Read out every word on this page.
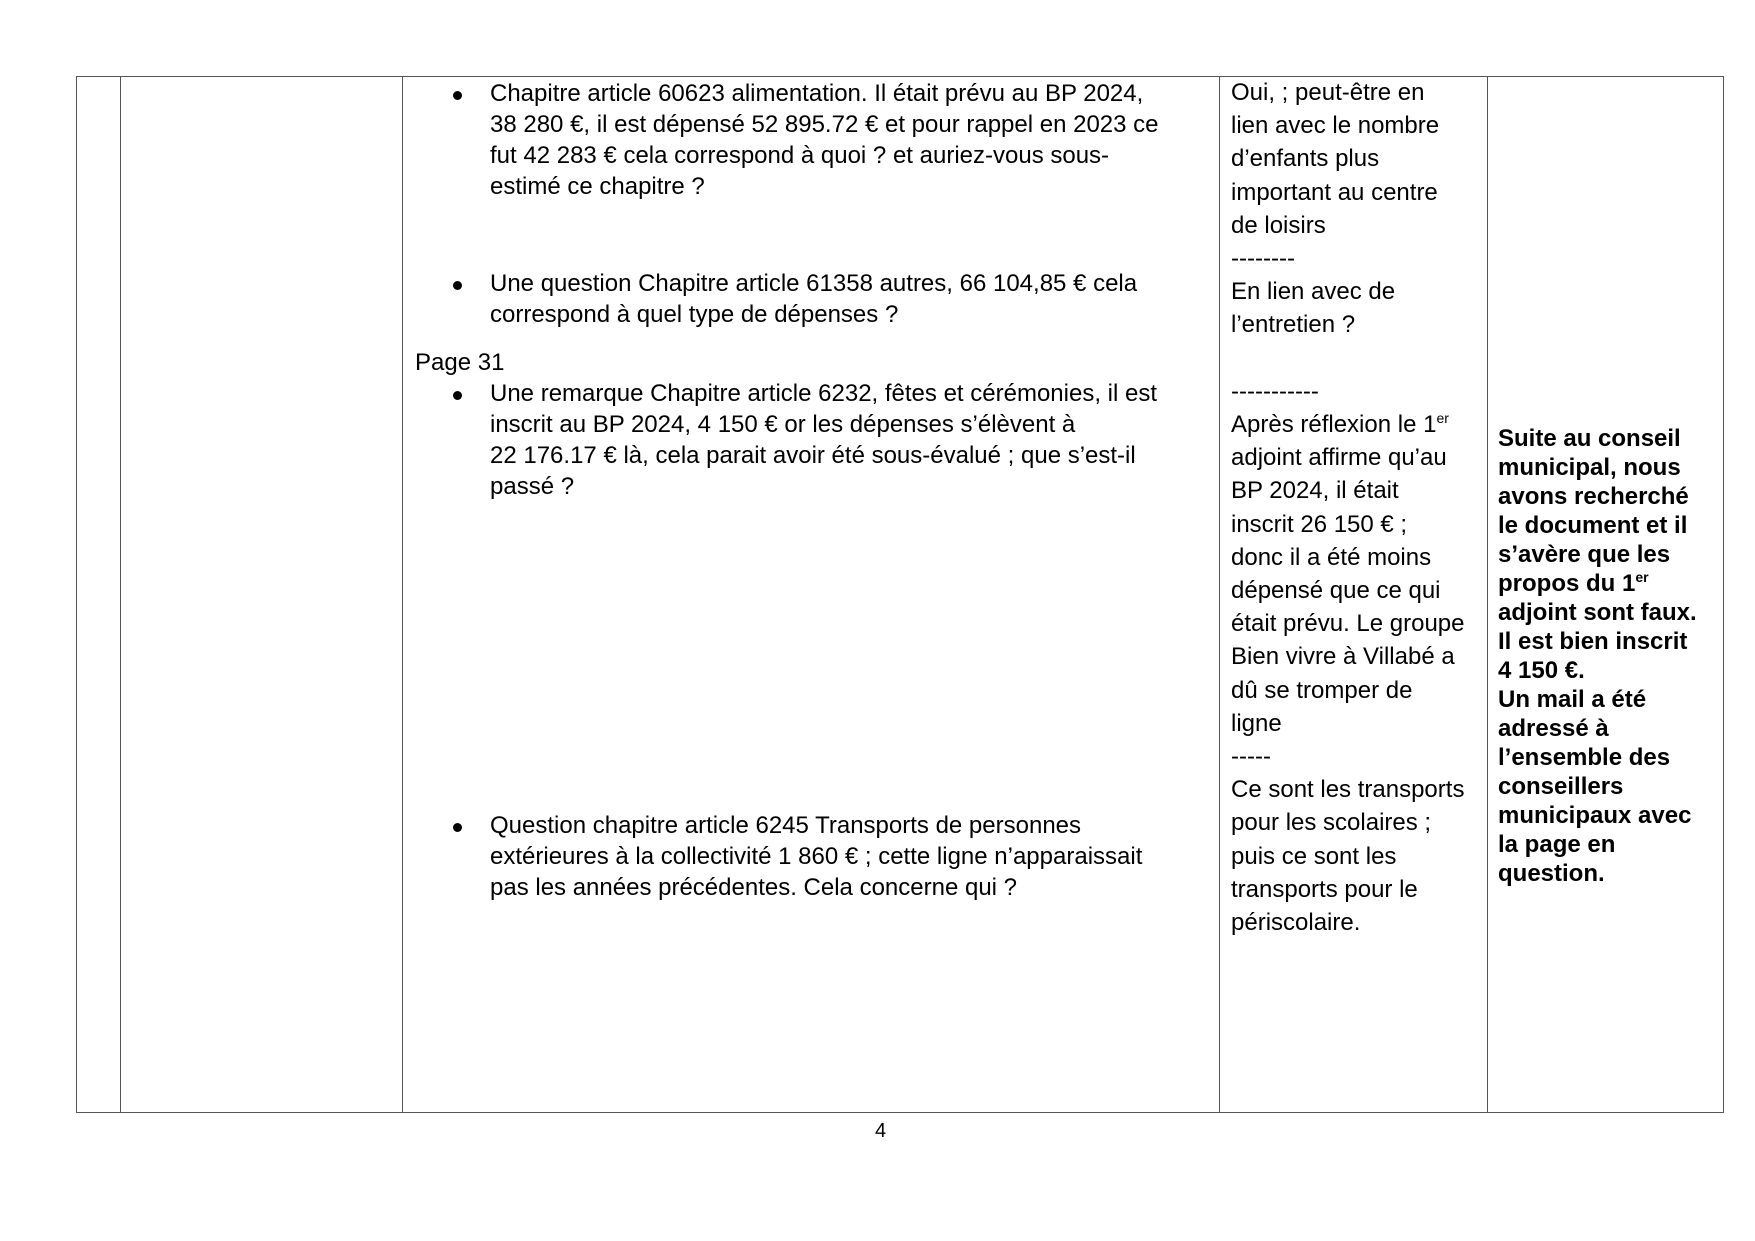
Chapitre article 60623 alimentation. Il était prévu au BP 2024,
38 280 €, il est dépensé 52 895.72 € et pour rappel en 2023 ce
fut 42 283 € cela correspond à quoi ? et auriez-vous sous-
estimé ce chapitre ?
Une question Chapitre article 61358 autres, 66 104,85 € cela
correspond à quel type de dépenses ?
Page 31
Une remarque Chapitre article 6232, fêtes et cérémonies, il est
inscrit au BP 2024, 4 150 € or les dépenses s’élèvent à
22 176.17 € là, cela parait avoir été sous-évalué ; que s’est-il
passé ?
Question chapitre article 6245 Transports de personnes
extérieures à la collectivité 1 860 € ; cette ligne n’apparaissait
pas les années précédentes. Cela concerne qui ?
Oui, ; peut-être en
lien avec le nombre
d’enfants plus
important au centre
de loisirs
--------
En lien avec de
l’entretien ?

-----------
Après réflexion le 1er
adjoint affirme qu’au
BP 2024, il était
inscrit 26 150 € ;
donc il a été moins
dépensé que ce qui
était prévu. Le groupe
Bien vivre à Villabé a
dû se tromper de
ligne
-----
Ce sont les transports
pour les scolaires ;
puis ce sont les
transports pour le
périscolaire.
Suite au conseil
municipal, nous
avons recherché
le document et il
s’avère que les
propos du 1er
adjoint sont faux.
Il est bien inscrit
4 150 €.
Un mail a été
adressé à
l’ensemble des
conseillers
municipaux avec
la page en
question.
4
